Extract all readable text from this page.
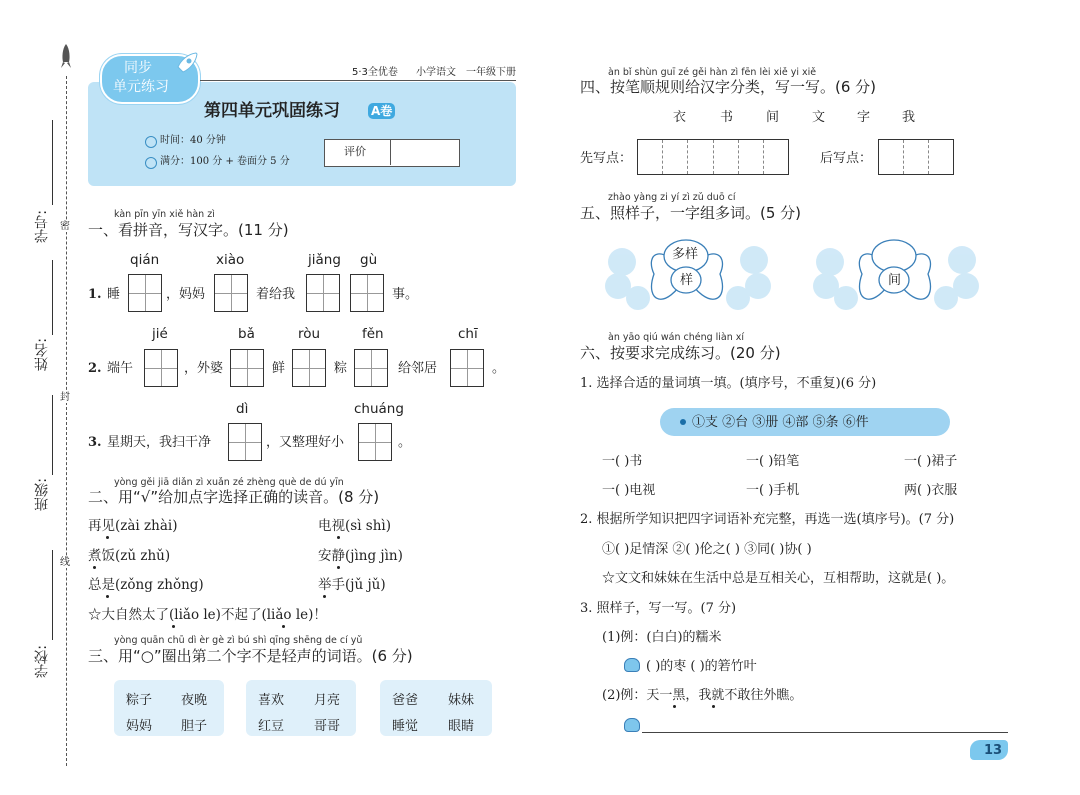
学号:
姓名:
班级:
学校:
密
封
线
同步
单元练习
5·3全优卷 小学语文 一年级下册
第四单元巩固练习	A卷
时间：40 分钟
满分：100 分 + 卷面分 5 分
评价
kàn pīn yīn xiě hàn zì
一、看拼音，写汉字。(11 分)
qián	xiào	jiǎng gù
1. 睡	，妈妈	着给我	事。
jié	bǎ	ròu	fěn	chī
2. 端午	，外婆	鲜	粽	给邻居	。
dì	chuáng
3. 星期天，我扫干净	，又整理好小	。
yòng gěi jiā diǎn zì xuǎn zé zhèng què de dú yīn
二、用“√”给加点字选择正确的读音。(8 分)
再见(zài zhài)	电视(sì shì)
煮饭(zǔ zhǔ)	安静(jìng jìn)
总是(zǒng zhǒng)	举手(jǔ jǔ)
☆大自然太了(liǎo le)不起了(liǎo le)！
yòng quān chū dì èr gè zì bú shì qīng shēng de cí yǔ
三、用“○”圈出第二个字不是轻声的词语。(6 分)
粽子 夜晚
妈妈 胆子
喜欢 月亮
红豆 哥哥
爸爸 妹妹
睡觉 眼睛
àn bǐ shùn guī zé gěi hàn zì fēn lèi xiě yi xiě
四、按笔顺规则给汉字分类，写一写。(6 分)
衣	书	间	文 字 我
先写点：	后写点：
zhào yàng zi yí zì zǔ duō cí
五、照样子，一字组多词。(5 分)
多样
样	间
àn yāo qiú wán chéng liàn xí
六、按要求完成练习。(20 分)
1. 选择合适的量词填一填。(填序号，不重复)(6 分)
①支 ②台 ③册 ④部 ⑤条 ⑥件
一( )书	一( )铅笔	一( )裙子
一( )电视	一( )手机	两( )衣服
2. 根据所学知识把四字词语补充完整，再选一选(填序号)。(7 分)
①( )足情深 ②( )伦之( ) ③同( )协( )
☆文文和妹妹在生活中总是互相关心，互相帮助，这就是( )。
3. 照样子，写一写。(7 分)
(1)例：(白白)的糯米
( )的枣 ( )的箬竹叶
(2)例：天一黑，我就不敢往外瞧。
13
